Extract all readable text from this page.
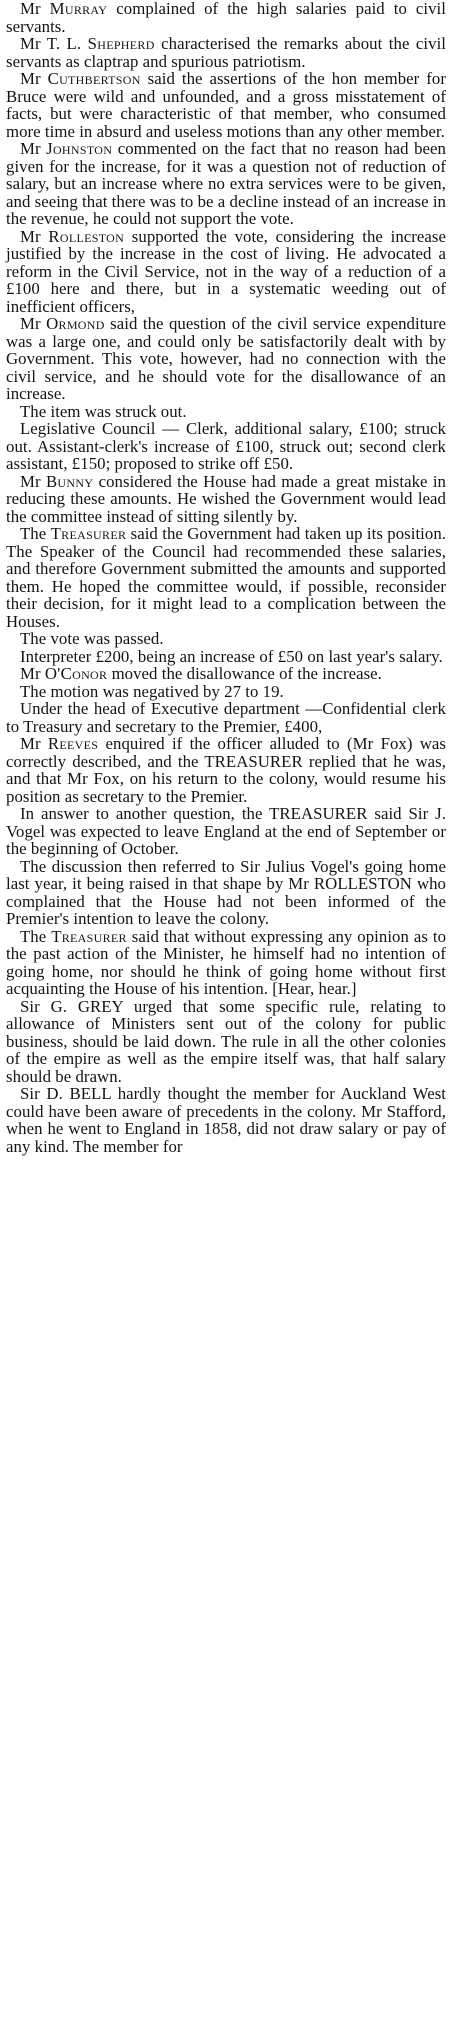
Mr Murray complained of the high salaries paid to civil servants.

Mr T. L. Shepherd characterised the remarks about the civil servants as claptrap and spurious patriotism.

Mr Cuthbertson said the assertions of the hon member for Bruce were wild and unfounded, and a gross misstatement of facts, but were characteristic of that member, who consumed more time in absurd and useless motions than any other member.

Mr Johnston commented on the fact that no reason had been given for the increase, for it was a question not of reduction of salary, but an increase where no extra services were to be given, and seeing that there was to be a decline instead of an increase in the revenue, he could not support the vote.

Mr Rolleston supported the vote, considering the increase justified by the increase in the cost of living. He advocated a reform in the Civil Service, not in the way of a reduction of a £100 here and there, but in a systematic weeding out of inefficient officers,

Mr Ormond said the question of the civil service expenditure was a large one, and could only be satisfactorily dealt with by Government. This vote, however, had no connection with the civil service, and he should vote for the disallowance of an increase.

The item was struck out.

Legislative Council — Clerk, additional salary, £100; struck out. Assistant-clerk's increase of £100, struck out; second clerk assistant, £150; proposed to strike off £50.

Mr Bunny considered the House had made a great mistake in reducing these amounts. He wished the Government would lead the committee instead of sitting silently by.

The Treasurer said the Government had taken up its position. The Speaker of the Council had recommended these salaries, and therefore Government submitted the amounts and supported them. He hoped the committee would, if possible, reconsider their decision, for it might lead to a complication between the Houses.

The vote was passed.

Interpreter £200, being an increase of £50 on last year's salary.

Mr O'Conor moved the disallowance of the increase.

The motion was negatived by 27 to 19.

Under the head of Executive department —Confidential clerk to Treasury and secretary to the Premier, £400,

Mr Reeves enquired if the officer alluded to (Mr Fox) was correctly described, and the TREASURER replied that he was, and that Mr Fox, on his return to the colony, would resume his position as secretary to the Premier.

In answer to another question, the TREASURER said Sir J. Vogel was expected to leave England at the end of September or the beginning of October.

The discussion then referred to Sir Julius Vogel's going home last year, it being raised in that shape by Mr ROLLESTON who complained that the House had not been informed of the Premier's intention to leave the colony.

The Treasurer said that without expressing any opinion as to the past action of the Minister, he himself had no intention of going home, nor should he think of going home without first acquainting the House of his intention. [Hear, hear.]

Sir G. GREY urged that some specific rule, relating to allowance of Ministers sent out of the colony for public business, should be laid down. The rule in all the other colonies of the empire as well as the empire itself was, that half salary should be drawn.

Sir D. BELL hardly thought the member for Auckland West could have been aware of precedents in the colony. Mr Stafford, when he went to England in 1858, did not draw salary or pay of any kind. The member for
